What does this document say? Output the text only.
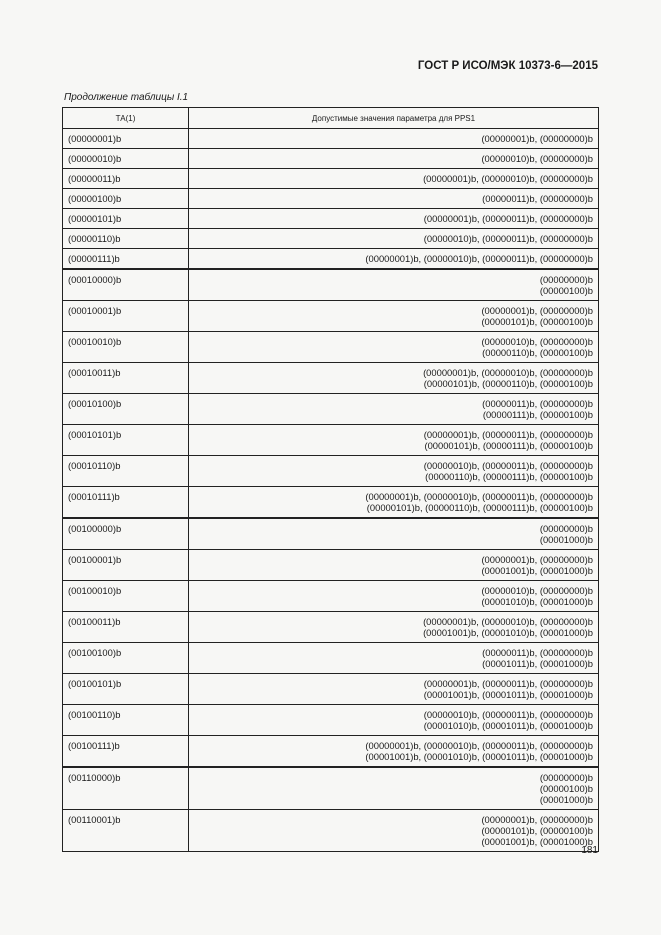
ГОСТ Р ИСО/МЭК 10373-6—2015
Продолжение таблицы I.1
ТА(1)	Допустимые значения параметра для PPS1
(00000001)b	(00000001)b, (00000000)b

(00000010)b	(00000010)b, (00000000)b

(00000011)b	(00000001)b, (00000010)b, (00000000)b

(00000100)b	(00000011)b, (00000000)b

(00000101)b	(00000001)b, (00000011)b, (00000000)b

(00000110)b	(00000010)b, (00000011)b, (00000000)b

(00000111)b	(00000001)b, (00000010)b, (00000011)b, (00000000)b

(00010000)b	(00000000)b
(00000100)b

(00010001)b	(00000001)b, (00000000)b
(00000101)b, (00000100)b

(00010010)b	(00000010)b, (00000000)b
(00000110)b, (00000100)b

(00010011)b	(00000001)b, (00000010)b, (00000000)b
(00000101)b, (00000110)b, (00000100)b

(00010100)b	(00000011)b, (00000000)b
(00000111)b, (00000100)b

(00010101)b	(00000001)b, (00000011)b, (00000000)b
(00000101)b, (00000111)b, (00000100)b

(00010110)b	(00000010)b, (00000011)b, (00000000)b
(00000110)b, (00000111)b, (00000100)b

(00010111)b	(00000001)b, (00000010)b, (00000011)b, (00000000)b
(00000101)b, (00000110)b, (00000111)b, (00000100)b

(00100000)b	(00000000)b
(00001000)b

(00100001)b	(00000001)b, (00000000)b
(00001001)b, (00001000)b

(00100010)b	(00000010)b, (00000000)b
(00001010)b, (00001000)b

(00100011)b	(00000001)b, (00000010)b, (00000000)b
(00001001)b, (00001010)b, (00001000)b

(00100100)b	(00000011)b, (00000000)b
(00001011)b, (00001000)b

(00100101)b	(00000001)b, (00000011)b, (00000000)b
(00001001)b, (00001011)b, (00001000)b

(00100110)b	(00000010)b, (00000011)b, (00000000)b
(00001010)b, (00001011)b, (00001000)b

(00100111)b	(00000001)b, (00000010)b, (00000011)b, (00000000)b
(00001001)b, (00001010)b, (00001011)b, (00001000)b

(00110000)b	(00000000)b
(00000100)b
(00001000)b

(00110001)b	(00000001)b, (00000000)b
(00000101)b, (00000100)b
(00001001)b, (00001000)b
181
